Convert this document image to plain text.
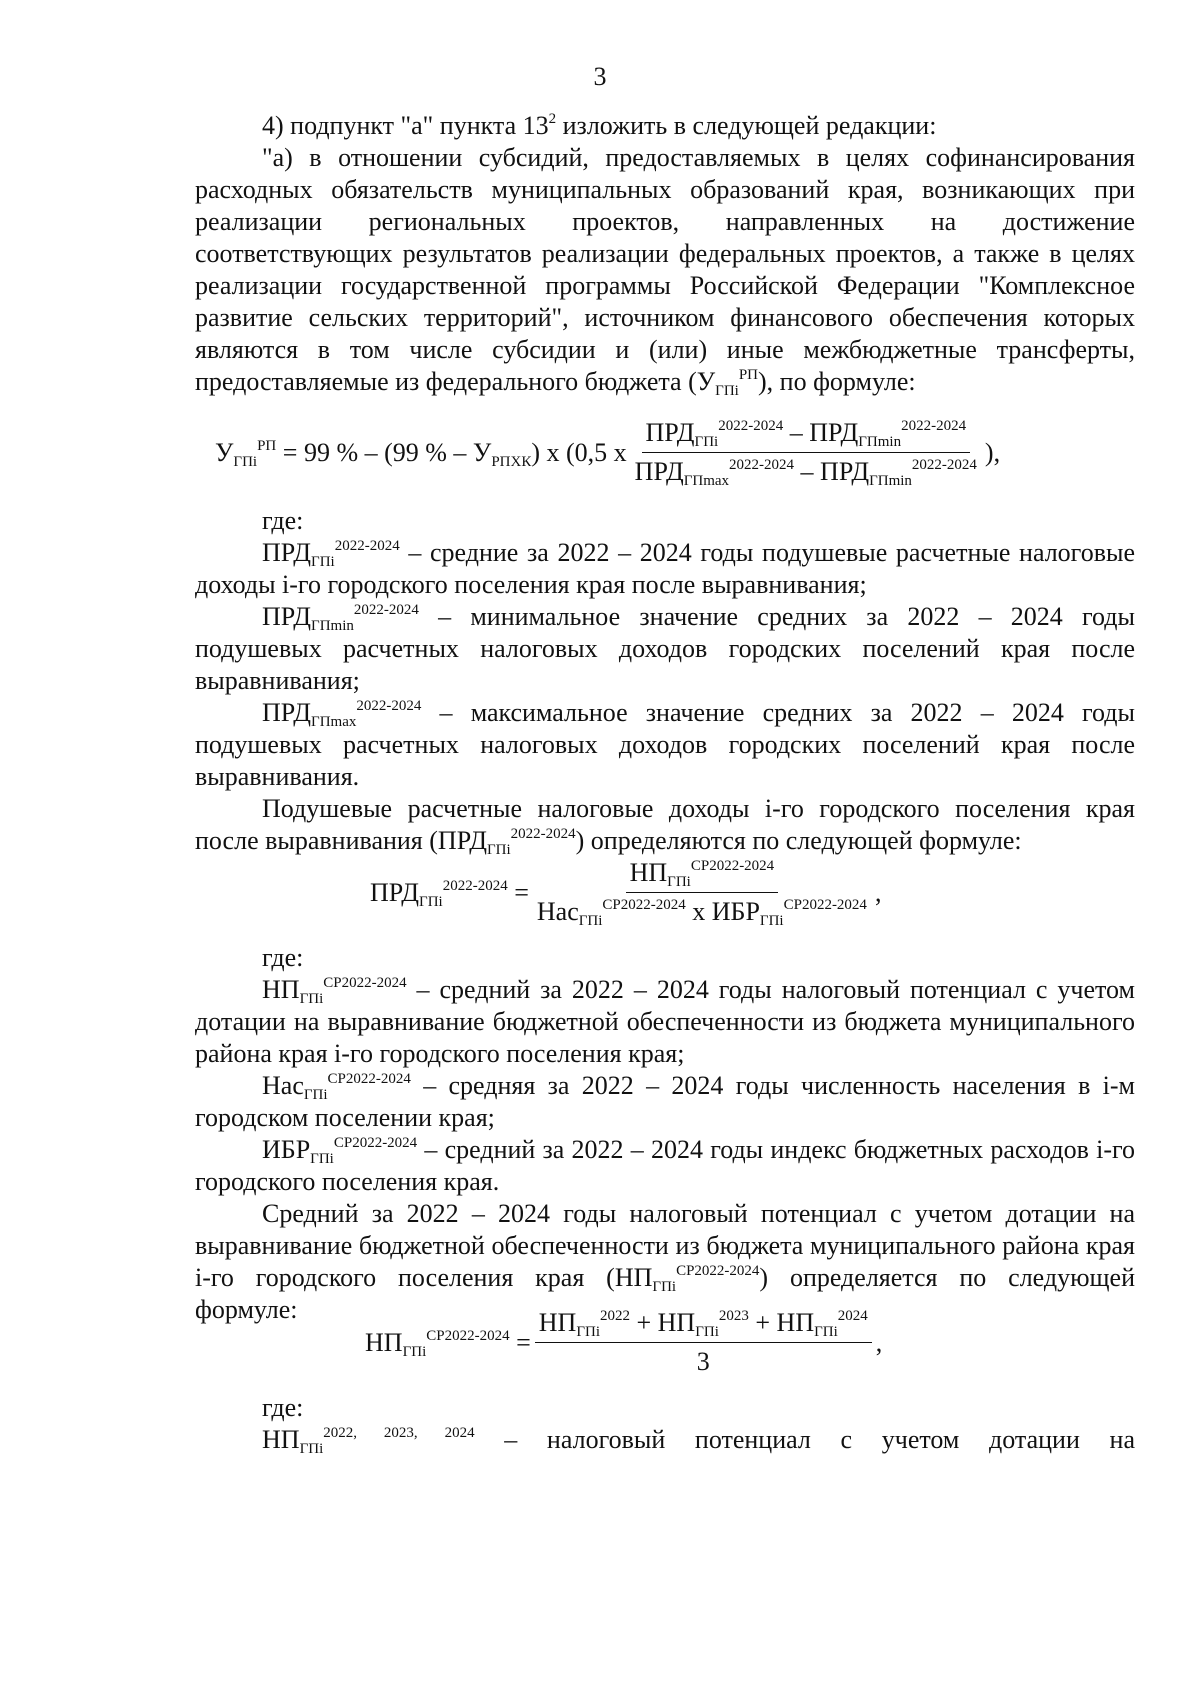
3

4) подпункт "а" пункта $13^2$ изложить в следующей редакции:

"а) в отношении субсидий, предоставляемых в целях софинансирования расходных обязательств муниципальных образований края, возникающих при реализации региональных проектов, направленных на достижение соответствующих результатов реализации федеральных проектов, а также в целях реализации государственной программы Российской Федерации "Комплексное развитие сельских территорий", источником финансового обеспечения которых являются в том числе субсидии и (или) иные межбюджетные трансферты, предоставляемые из федерального бюджета $(У_{ГПi}^{РП})$, по формуле:

$У_{ГПi}^{РП} = 99$ % – (99 % – $У_{РПХК}$) х (0,5 х $\frac{ПРД_{ГПi}^{2022-2024} - ПРД_{ГПmin}^{2022-2024}}{ПРД_{ГПmax}^{2022-2024} - ПРД_{ГПmin}^{2022-2024}}$ ),

где:

$ПРД_{ГПi}^{2022-2024}$ – средние за 2022 – 2024 годы подушевые расчетные налоговые доходы i-го городского поселения края после выравнивания;

$ПРД_{ГПmin}^{2022-2024}$ – минимальное значение средних за 2022 – 2024 годы подушевых расчетных налоговых доходов городских поселений края после выравнивания;

$ПРД_{ГПmax}^{2022-2024}$ – максимальное значение средних за 2022 – 2024 годы подушевых расчетных налоговых доходов городских поселений края после выравнивания.

Подушевые расчетные налоговые доходы i-го городского поселения края после выравнивания $(ПРД_{ГПi}^{2022-2024})$ определяются по следующей формуле:

$ПРД_{ГПi}^{2022-2024} = \frac{НП_{ГПi}^{СР2022-2024}}{Нас_{ГПi}^{СР2022-2024} х ИБР_{ГПi}^{СР2022-2024}}$ ,

где:

$НП_{ГПi}^{СР2022-2024}$ – средний за 2022 – 2024 годы налоговый потенциал с учетом дотации на выравнивание бюджетной обеспеченности из бюджета муниципального района края i-го городского поселения края;

Нас$_{ГПi}^{СР2022-2024}$ – средняя за 2022 – 2024 годы численность населения в i-м городском поселении края;

$ИБР_{ГПi}^{СР2022-2024}$ – средний за 2022 – 2024 годы индекс бюджетных расходов i-го городского поселения края.

Средний за 2022 – 2024 годы налоговый потенциал с учетом дотации на выравнивание бюджетной обеспеченности из бюджета муниципального района края i-го городского поселения края $(НП_{ГПi}^{СР2022-2024})$ определяется по следующей формуле:

$НП_{ГПi}^{СР2022-2024} = \frac{НП_{ГПi}^{2022} + НП_{ГПi}^{2023} + НП_{ГПi}^{2024}}{3}$ ,

где:

$НП_{ГПi}^{2022, 2023, 2024}$ – налоговый потенциал с учетом дотации на
